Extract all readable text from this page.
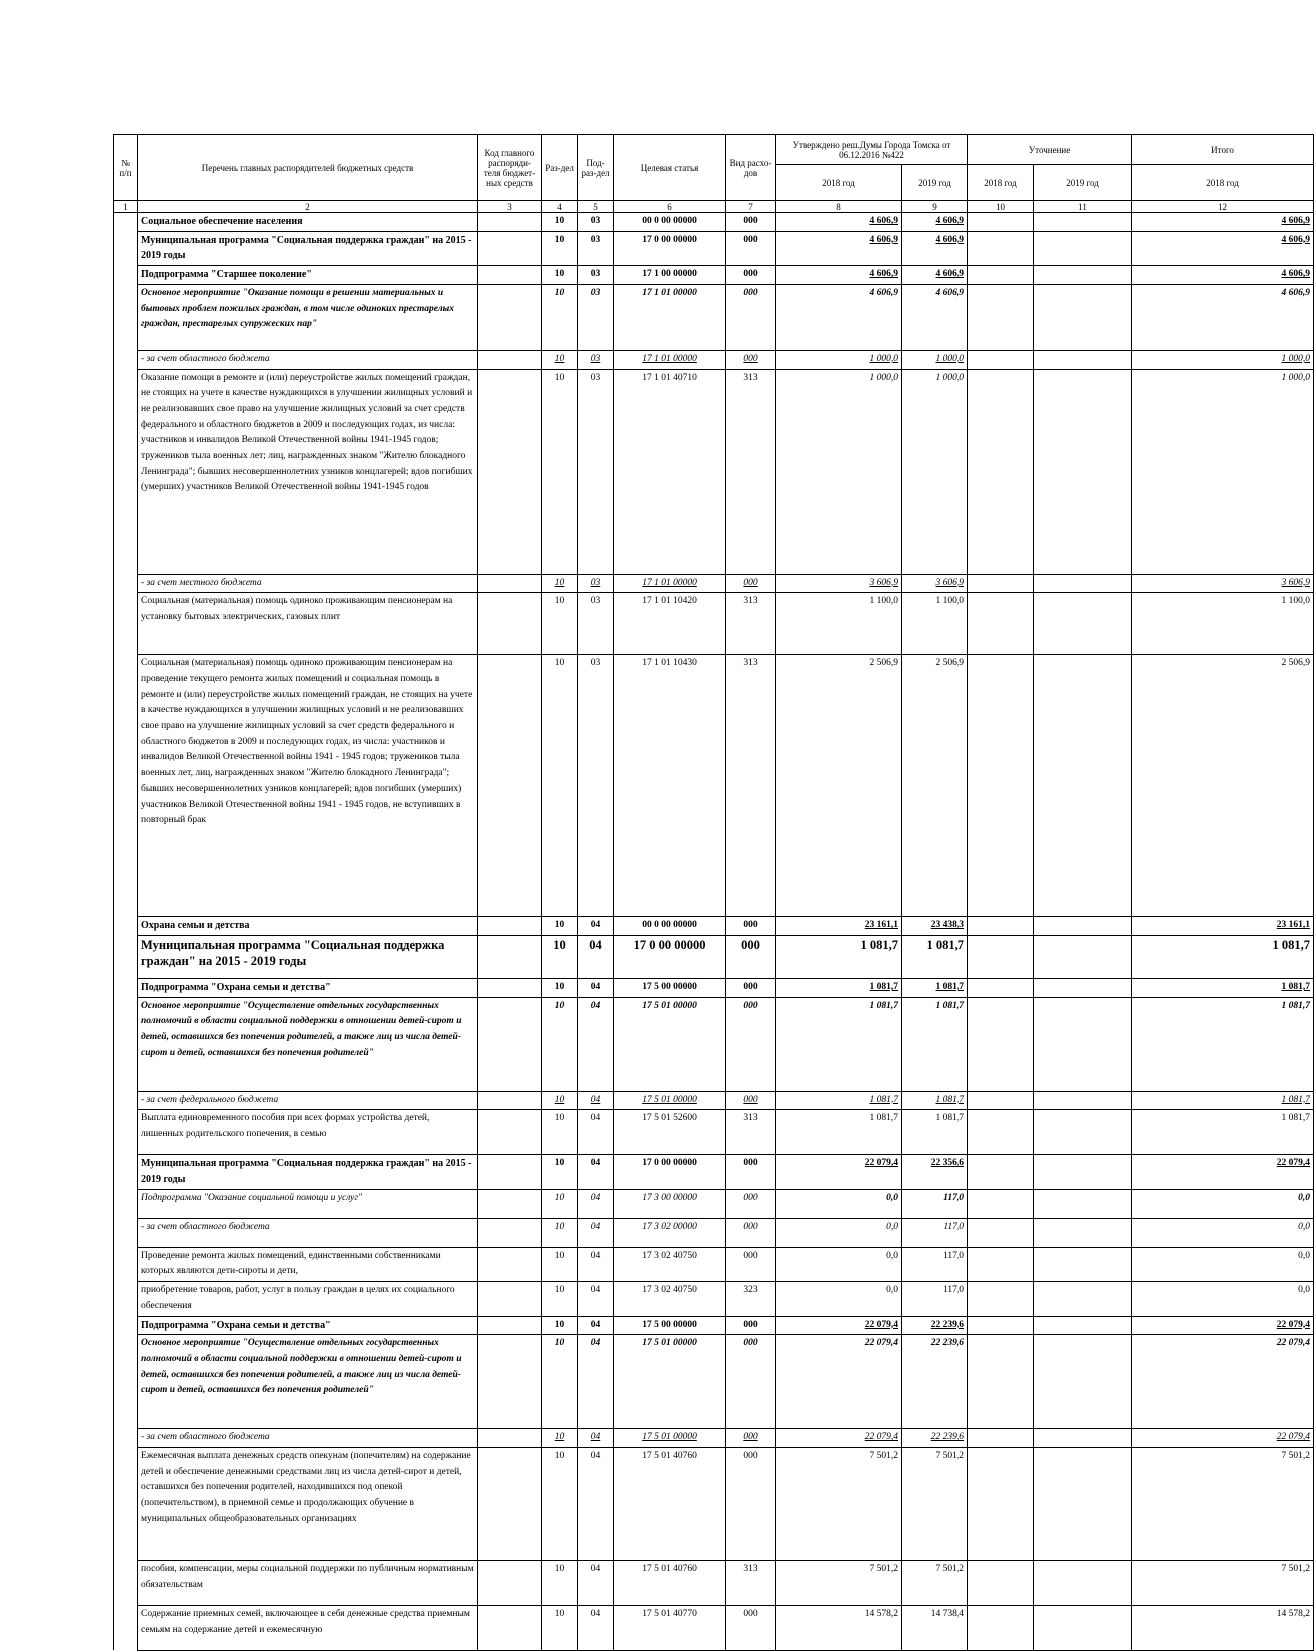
№ п/п	Перечень главных распорядителей бюджетных средств	Код главного распоряди-теля бюджет-ных средств	Раз-дел	Под-раз-дел	Целевая статья	Вид расхо-дов	Утверждено реш.Думы Города Томска от 06.12.2016 №422		Уточнение		Итого
							2018 год	2019 год	2018 год	2019 год	2018 год
1	2	3	4	5	6	7	8	9	10	11	12
	Социальное обеспечение населения		10	03	00 0 00 00000	000	4 606,9	4 606,9			4 606,9
	Муниципальная программа "Социальная поддержка граждан" на 2015 - 2019 годы		10	03	17 0 00 00000	000	4 606,9	4 606,9			4 606,9
	Подпрограмма "Старшее поколение"		10	03	17 1 00 00000	000	4 606,9	4 606,9			4 606,9
	Основное мероприятие "Оказание помощи в решении материальных и бытовых проблем пожилых граждан, в том числе одиноких престарелых граждан, престарелых супружеских пар"		10	03	17 1 01 00000	000	4 606,9	4 606,9			4 606,9
	- за счет областного бюджета		10	03	17 1 01 00000	000	1 000,0	1 000,0			1 000,0
	Оказание помощи в ремонте и (или) переустройстве жилых помещений граждан, не стоящих на учете в качестве нуждающихся в улучшении жилищных условий и не реализовавших свое право на улучшение жилищных условий за счет средств федерального и областного бюджетов в 2009 и последующих годах, из числа: участников и инвалидов Великой Отечественной войны 1941-1945 годов; тружеников тыла военных лет; лиц, награжденных знаком "Жителю блокадного Ленинграда"; бывших несовершеннолетних узников концлагерей; вдов погибших (умерших) участников Великой Отечественной войны 1941-1945 годов		10	03	17 1 01 40710	313	1 000,0	1 000,0			1 000,0
	- за счет местного бюджета		10	03	17 1 01 00000	000	3 606,9	3 606,9			3 606,9
	Социальная (материальная) помощь одиноко проживающим пенсионерам на установку бытовых электрических, газовых плит		10	03	17 1 01 10420	313	1 100,0	1 100,0			1 100,0
	Социальная (материальная) помощь одиноко проживающим пенсионерам на проведение текущего ремонта жилых помещений и социальная помощь в ремонте и (или) переустройстве жилых помещений граждан, не стоящих на учете в качестве нуждающихся в улучшении жилищных условий и не реализовавших свое право на улучшение жилищных условий за счет средств федерального и областного бюджетов в 2009 и последующих годах, из числа: участников и инвалидов Великой Отечественной войны 1941 - 1945 годов; тружеников тыла военных лет, лиц, награжденных знаком "Жителю блокадного Ленинграда"; бывших несовершеннолетних узников концлагерей; вдов погибших (умерших) участников Великой Отечественной войны 1941 - 1945 годов, не вступивших в повторный брак		10	03	17 1 01 10430	313	2 506,9	2 506,9			2 506,9
	Охрана семьи и детства		10	04	00 0 00 00000	000	23 161,1	23 438,3			23 161,1
	Муниципальная программа "Социальная поддержка граждан" на 2015 - 2019 годы		10	04	17 0 00 00000	000	1 081,7	1 081,7			1 081,7
	Подпрограмма "Охрана семьи и детства"		10	04	17 5 00 00000	000	1 081,7	1 081,7			1 081,7
	Основное мероприятие "Осуществление отдельных государственных полномочий в области социальной поддержки в отношении детей-сирот и детей, оставшихся без попечения родителей, а также лиц из числа детей-сирот и детей, оставшихся без попечения родителей"		10	04	17 5 01 00000	000	1 081,7	1 081,7			1 081,7
	- за счет федерального бюджета		10	04	17 5 01 00000	000	1 081,7	1 081,7			1 081,7
	Выплата единовременного пособия при всех формах устройства детей, лишенных родительского попечения, в семью		10	04	17 5 01 52600	313	1 081,7	1 081,7			1 081,7
	Муниципальная программа "Социальная поддержка граждан" на 2015 - 2019 годы		10	04	17 0 00 00000	000	22 079,4	22 356,6			22 079,4
	Подпрограмма "Оказание социальной помощи и услуг"		10	04	17 3 00 00000	000	0,0	117,0			0,0
	- за счет областного бюджета		10	04	17 3 02 00000	000	0,0	117,0			0,0
	Проведение ремонта жилых помещений, единственными собственниками которых являются дети-сироты и дети,		10	04	17 3 02 40750	000	0,0	117,0			0,0
	приобретение товаров, работ, услуг в пользу граждан в целях их социального обеспечения		10	04	17 3 02 40750	323	0,0	117,0			0,0
	Подпрограмма "Охрана семьи и детства"		10	04	17 5 00 00000	000	22 079,4	22 239,6			22 079,4
	Основное мероприятие "Осуществление отдельных государственных полномочий в области социальной поддержки в отношении детей-сирот и детей, оставшихся без попечения родителей, а также лиц из числа детей-сирот и детей, оставшихся без попечения родителей"		10	04	17 5 01 00000	000	22 079,4	22 239,6			22 079,4
	- за счет областного бюджета		10	04	17 5 01 00000	000	22 079,4	22 239,6			22 079,4
	Ежемесячная выплата денежных средств опекунам (попечителям) на содержание детей и обеспечение денежными средствами лиц из числа детей-сирот и детей, оставшихся без попечения родителей, находившихся под опекой (попечительством), в приемной семье и продолжающих обучение в муниципальных общеобразовательных организациях		10	04	17 5 01 40760	000	7 501,2	7 501,2			7 501,2
	пособия, компенсации, меры социальной поддержки по публичным нормативным обязательствам		10	04	17 5 01 40760	313	7 501,2	7 501,2			7 501,2
	Содержание приемных семей, включающее в себя денежные средства приемным семьям на содержание детей и ежемесячную		10	04	17 5 01 40770	000	14 578,2	14 738,4			14 578,2
